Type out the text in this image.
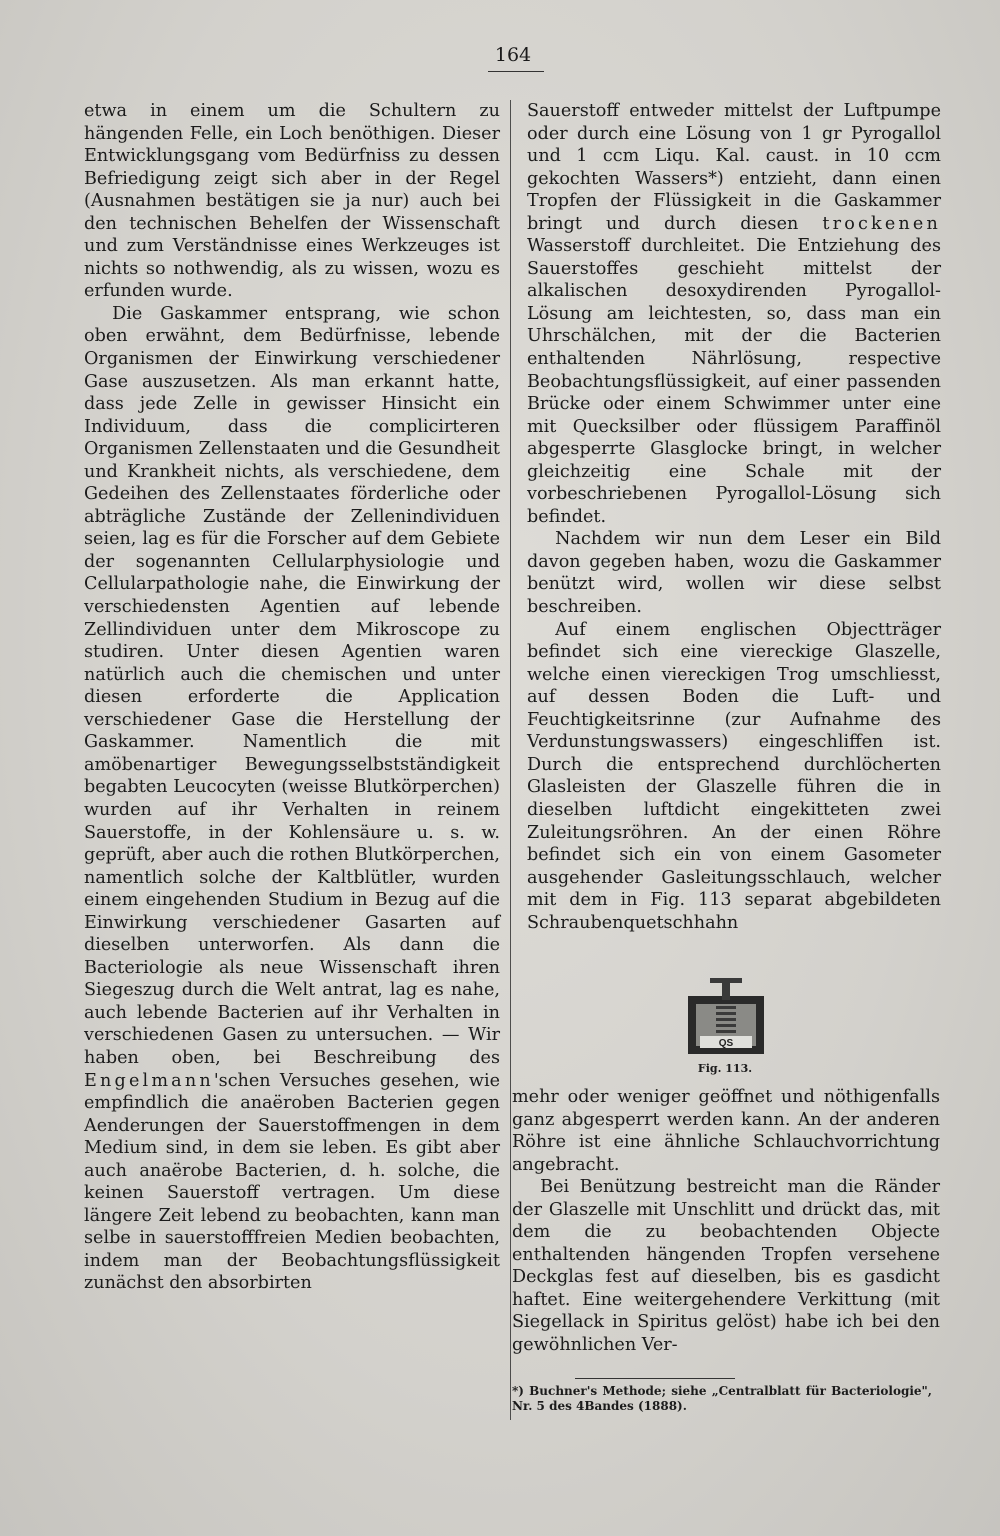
164

etwa in einem um die Schultern zu hängenden Felle, ein Loch benöthigen. Dieser Entwicklungsgang vom Bedürfniss zu dessen Befriedigung zeigt sich aber in der Regel (Ausnahmen bestätigen sie ja nur) auch bei den technischen Behelfen der Wissenschaft und zum Verständnisse eines Werkzeuges ist nichts so nothwendig, als zu wissen, wozu es erfunden wurde.

Die Gaskammer entsprang, wie schon oben erwähnt, dem Bedürfnisse, lebende Organismen der Einwirkung verschiedener Gase auszusetzen. Als man erkannt hatte, dass jede Zelle in gewisser Hinsicht ein Individuum, dass die complicirteren Organismen Zellenstaaten und die Gesundheit und Krankheit nichts, als verschiedene, dem Gedeihen des Zellenstaates förderliche oder abträgliche Zustände der Zellenindividuen seien, lag es für die Forscher auf dem Gebiete der sogenannten Cellularphysiologie und Cellularpathologie nahe, die Einwirkung der verschiedensten Agentien auf lebende Zellindividuen unter dem Mikroscope zu studiren. Unter diesen Agentien waren natürlich auch die chemischen und unter diesen erforderte die Application verschiedener Gase die Herstellung der Gaskammer. Namentlich die mit amöbenartiger Bewegungsselbstständigkeit begabten Leucocyten (weisse Blutkörperchen) wurden auf ihr Verhalten in reinem Sauerstoffe, in der Kohlensäure u. s. w. geprüft, aber auch die rothen Blutkörperchen, namentlich solche der Kaltblütler, wurden einem eingehenden Studium in Bezug auf die Einwirkung verschiedener Gasarten auf dieselben unterworfen. Als dann die Bacteriologie als neue Wissenschaft ihren Siegeszug durch die Welt antrat, lag es nahe, auch lebende Bacterien auf ihr Verhalten in verschiedenen Gasen zu untersuchen. — Wir haben oben, bei Beschreibung des Engelmann'schen Versuches gesehen, wie empfindlich die anaëroben Bacterien gegen Aenderungen der Sauerstoffmengen in dem Medium sind, in dem sie leben. Es gibt aber auch anaërobe Bacterien, d. h. solche, die keinen Sauerstoff vertragen. Um diese längere Zeit lebend zu beobachten, kann man selbe in sauerstofffreien Medien beobachten, indem man der Beobachtungsflüssigkeit zunächst den absorbirten

Sauerstoff entweder mittelst der Luftpumpe oder durch eine Lösung von 1 gr Pyrogallol und 1 ccm Liqu. Kal. caust. in 10 ccm gekochten Wassers*) entzieht, dann einen Tropfen der Flüssigkeit in die Gaskammer bringt und durch diesen trockenen Wasserstoff durchleitet. Die Entziehung des Sauerstoffes geschieht mittelst der alkalischen desoxydirenden Pyrogallol-Lösung am leichtesten, so, dass man ein Uhrschälchen, mit der die Bacterien enthaltenden Nährlösung, respective Beobachtungsflüssigkeit, auf einer passenden Brücke oder einem Schwimmer unter eine mit Quecksilber oder flüssigem Paraffinöl abgesperrte Glasglocke bringt, in welcher gleichzeitig eine Schale mit der vorbeschriebenen Pyrogallol-Lösung sich befindet.

Nachdem wir nun dem Leser ein Bild davon gegeben haben, wozu die Gaskammer benützt wird, wollen wir diese selbst beschreiben.

Auf einem englischen Objectträger befindet sich eine viereckige Glaszelle, welche einen viereckigen Trog umschliesst, auf dessen Boden die Luft- und Feuchtigkeitsrinne (zur Aufnahme des Verdunstungswassers) eingeschliffen ist. Durch die entsprechend durchlöcherten Glasleisten der Glaszelle führen die in dieselben luftdicht eingekitteten zwei Zuleitungsröhren. An der einen Röhre befindet sich ein von einem Gasometer ausgehender Gasleitungsschlauch, welcher mit dem in Fig. 113 separat abgebildeten Schraubenquetschhahn

QS
Fig. 113.

mehr oder weniger geöffnet und nöthigenfalls ganz abgesperrt werden kann. An der anderen Röhre ist eine ähnliche Schlauchvorrichtung angebracht.

Bei Benützung bestreicht man die Ränder der Glaszelle mit Unschlitt und drückt das, mit dem die zu beobachtenden Objecte enthaltenden hängenden Tropfen versehene Deckglas fest auf dieselben, bis es gasdicht haftet. Eine weitergehendere Verkittung (mit Siegellack in Spiritus gelöst) habe ich bei den gewöhnlichen Ver-

*) Buchner's Methode; siehe „Centralblatt für Bacteriologie", Nr. 5 des 4Bandes (1888).
